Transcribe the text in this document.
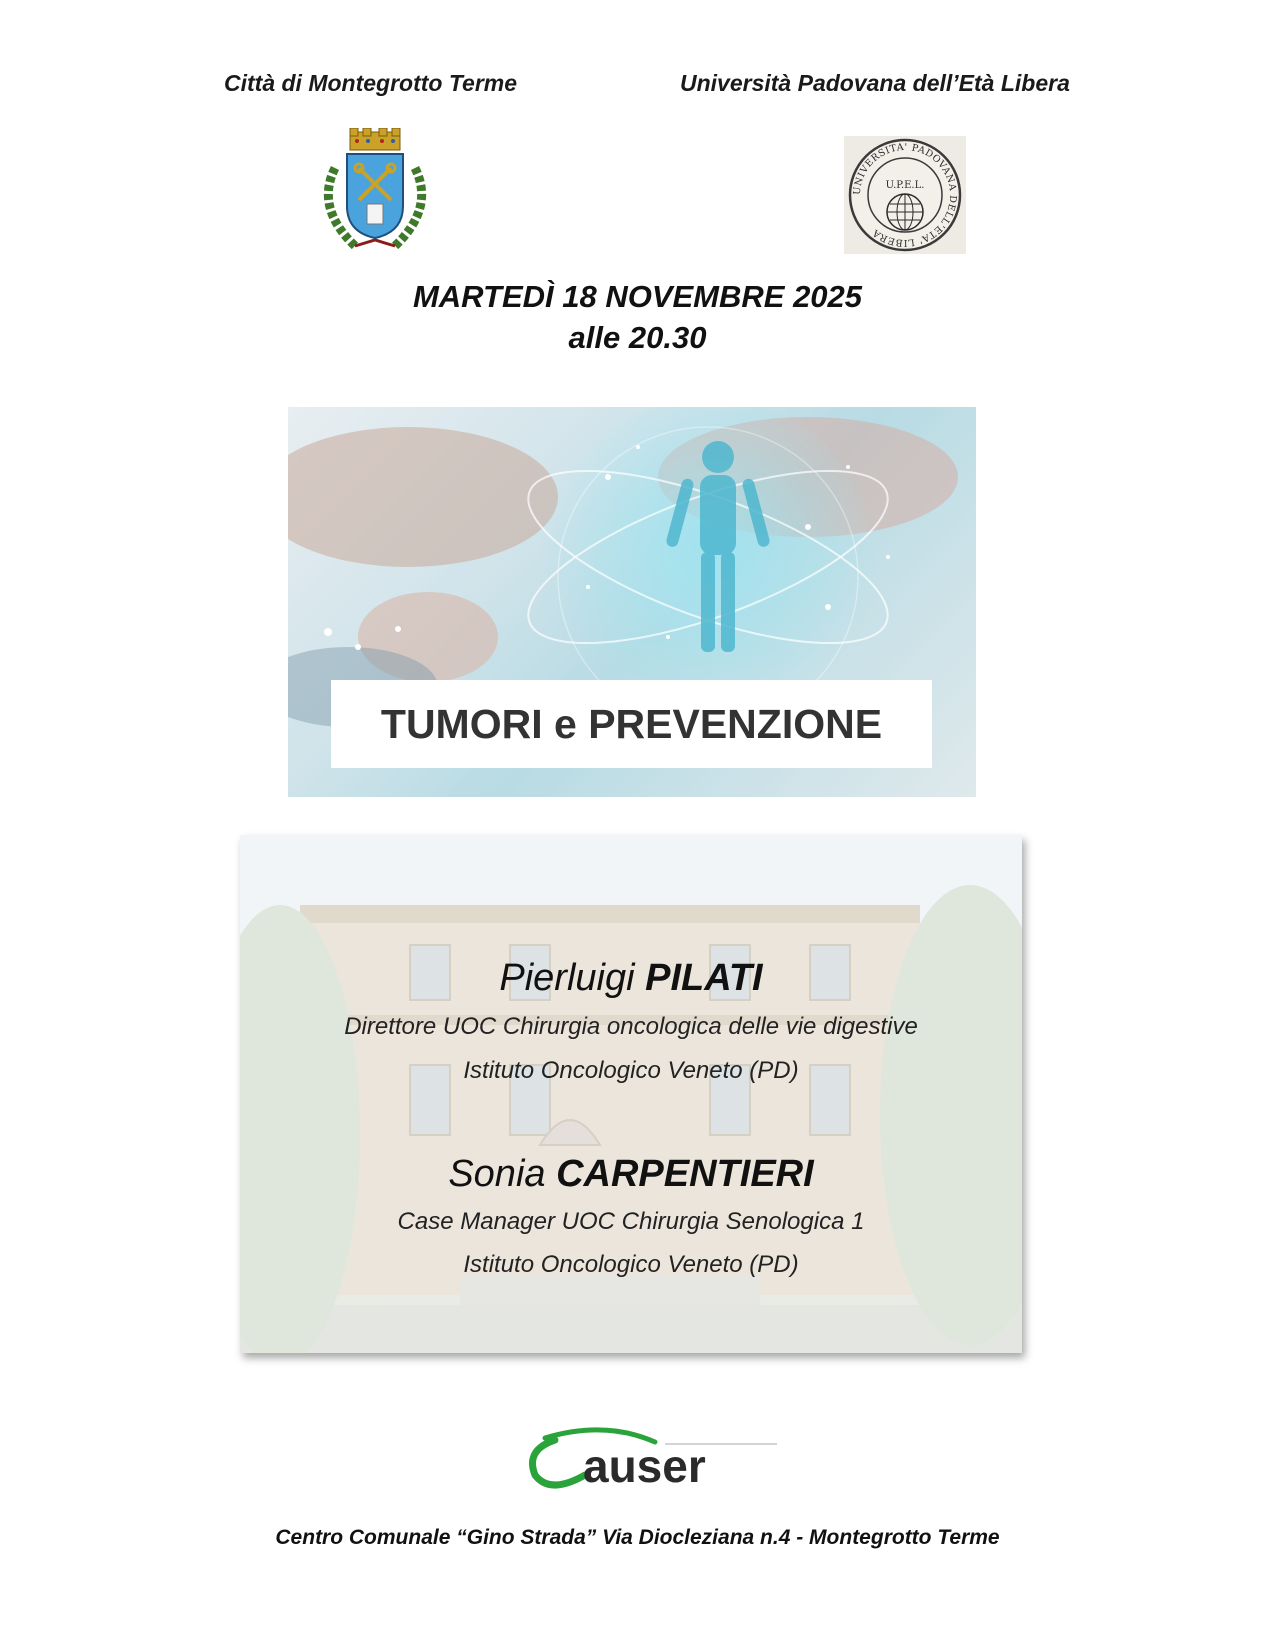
Città di Montegrotto Terme	Università Padovana dell’Età Libera
UNIVERSITA' PADOVANA DELL'ETA' LIBERA
U.P.E.L.
MARTEDÌ 18 NOVEMBRE 2025
alle 20.30
TUMORI e PREVENZIONE
Pierluigi PILATI
Direttore UOC Chirurgia oncologica delle vie digestive
Istituto Oncologico Veneto (PD)
Sonia CARPENTIERI
Case Manager UOC Chirurgia Senologica 1
Istituto Oncologico Veneto (PD)
auser
Centro Comunale “Gino Strada” Via Diocleziana n.4 - Montegrotto Terme
